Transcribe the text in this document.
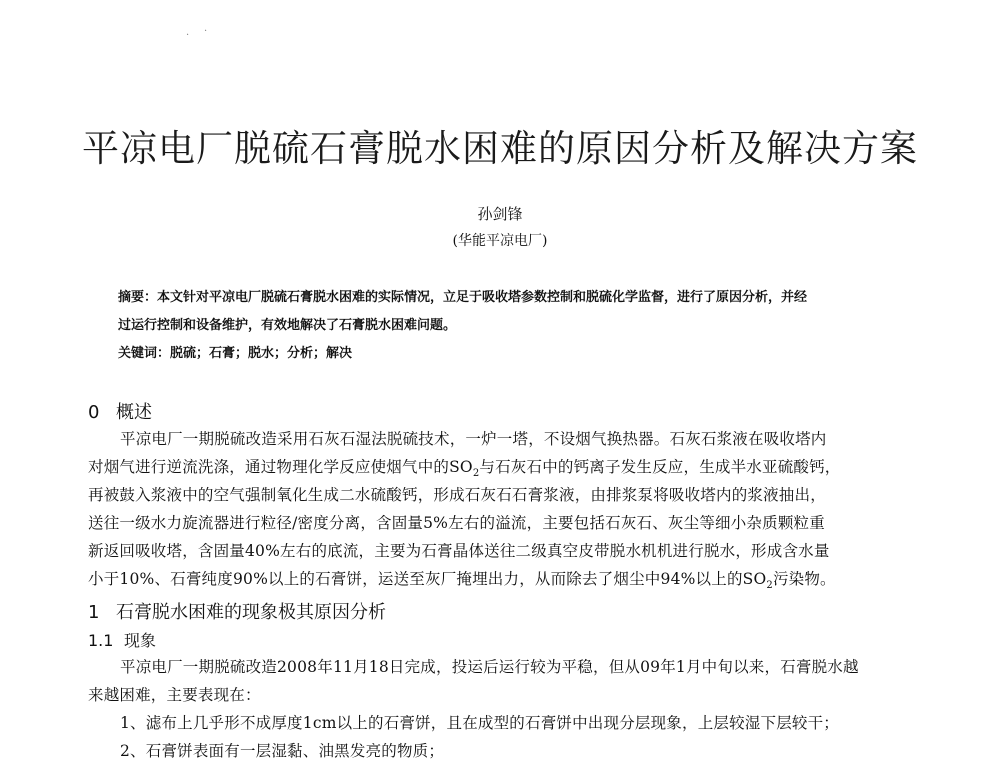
· ·
平凉电厂脱硫石膏脱水困难的原因分析及解决方案
孙剑锋
(华能平凉电厂)
摘要：本文针对平凉电厂脱硫石膏脱水困难的实际情况，立足于吸收塔参数控制和脱硫化学监督，进行了原因分析，并经
过运行控制和设备维护，有效地解决了石膏脱水困难问题。
关键词：脱硫；石膏；脱水；分析；解决
0 概述
平凉电厂一期脱硫改造采用石灰石湿法脱硫技术，一炉一塔，不设烟气换热器。石灰石浆液在吸收塔内
对烟气进行逆流洗涤，通过物理化学反应使烟气中的$SO_2$与石灰石中的钙离子发生反应，生成半水亚硫酸钙，
再被鼓入浆液中的空气强制氧化生成二水硫酸钙，形成石灰石石膏浆液，由排浆泵将吸收塔内的浆液抽出，
送往一级水力旋流器进行粒径/密度分离，含固量5%左右的溢流，主要包括石灰石、灰尘等细小杂质颗粒重
新返回吸收塔，含固量40%左右的底流，主要为石膏晶体送往二级真空皮带脱水机机进行脱水，形成含水量
小于10%、石膏纯度90%以上的石膏饼，运送至灰厂掩埋出力，从而除去了烟尘中94%以上的$SO_2$污染物。
1 石膏脱水困难的现象极其原因分析
1.1 现象
平凉电厂一期脱硫改造2008年11月18日完成，投运后运行较为平稳，但从09年1月中旬以来，石膏脱水越
来越困难，主要表现在：
1、滤布上几乎形不成厚度1cm以上的石膏饼，且在成型的石膏饼中出现分层现象，上层较湿下层较干；
2、石膏饼表面有一层湿黏、油黑发亮的物质；
